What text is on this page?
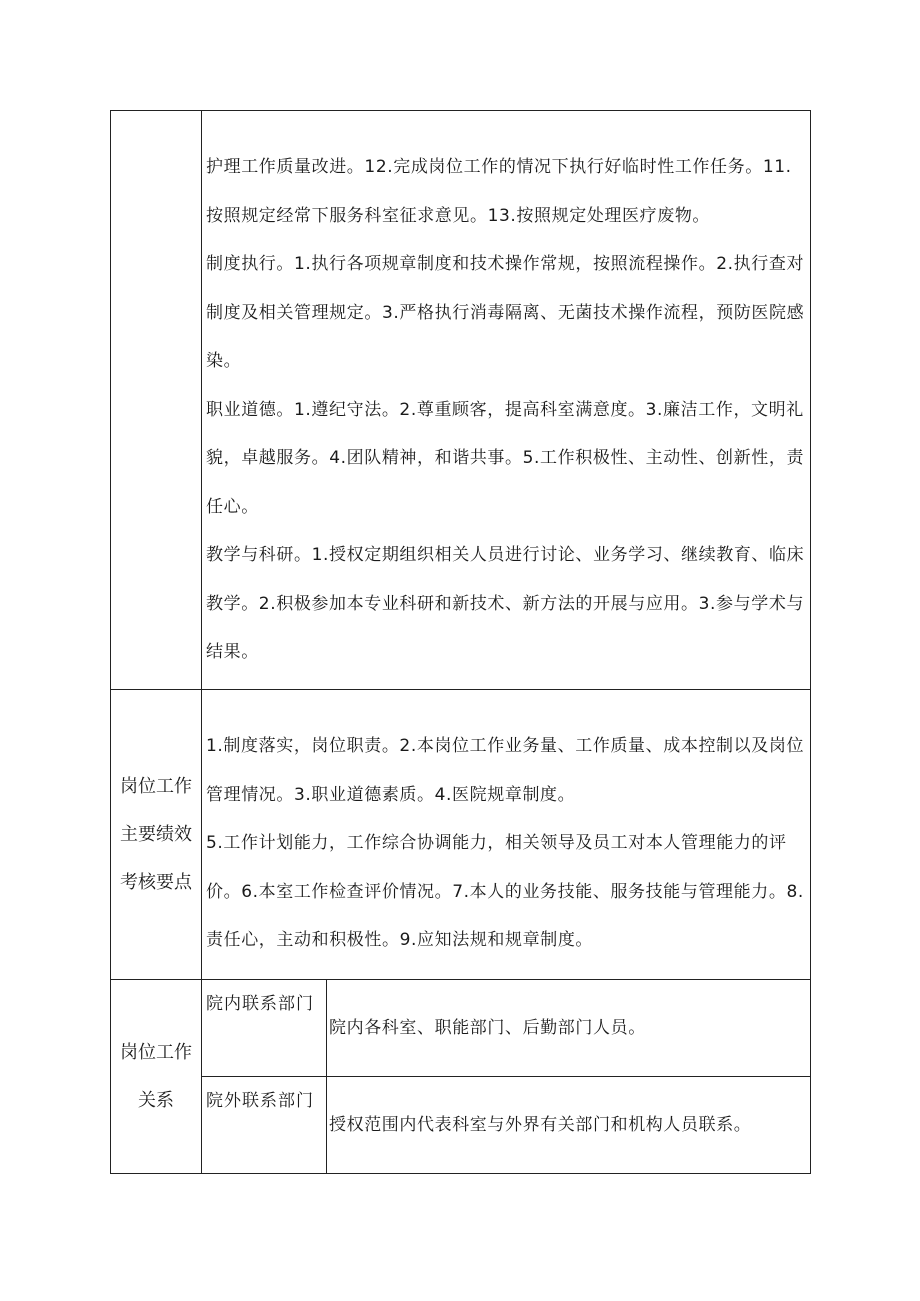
	护理工作质量改进。12.完成岗位工作的情况下执行好临时性工作任务。11.按照规定经常下服务科室征求意见。13.按照规定处理医疗废物。

制度执行。1.执行各项规章制度和技术操作常规，按照流程操作。2.执行查对制度及相关管理规定。3.严格执行消毒隔离、无菌技术操作流程，预防医院感染。

职业道德。1.遵纪守法。2.尊重顾客，提高科室满意度。3.廉洁工作，文明礼貌，卓越服务。4.团队精神，和谐共事。5.工作积极性、主动性、创新性，责任心。

教学与科研。1.授权定期组织相关人员进行讨论、业务学习、继续教育、临床教学。2.积极参加本专业科研和新技术、新方法的开展与应用。3.参与学术与结果。	

岗位工作主要绩效考核要点	1.制度落实，岗位职责。2.本岗位工作业务量、工作质量、成本控制以及岗位管理情况。3.职业道德素质。4.医院规章制度。

5.工作计划能力，工作综合协调能力，相关领导及员工对本人管理能力的评价。6.本室工作检查评价情况。7.本人的业务技能、服务技能与管理能力。8.责任心，主动和积极性。9.应知法规和规章制度。	

岗位工作关系	院内联系部门	院内各科室、职能部门、后勤部门人员。
	院外联系部门	授权范围内代表科室与外界有关部门和机构人员联系。
